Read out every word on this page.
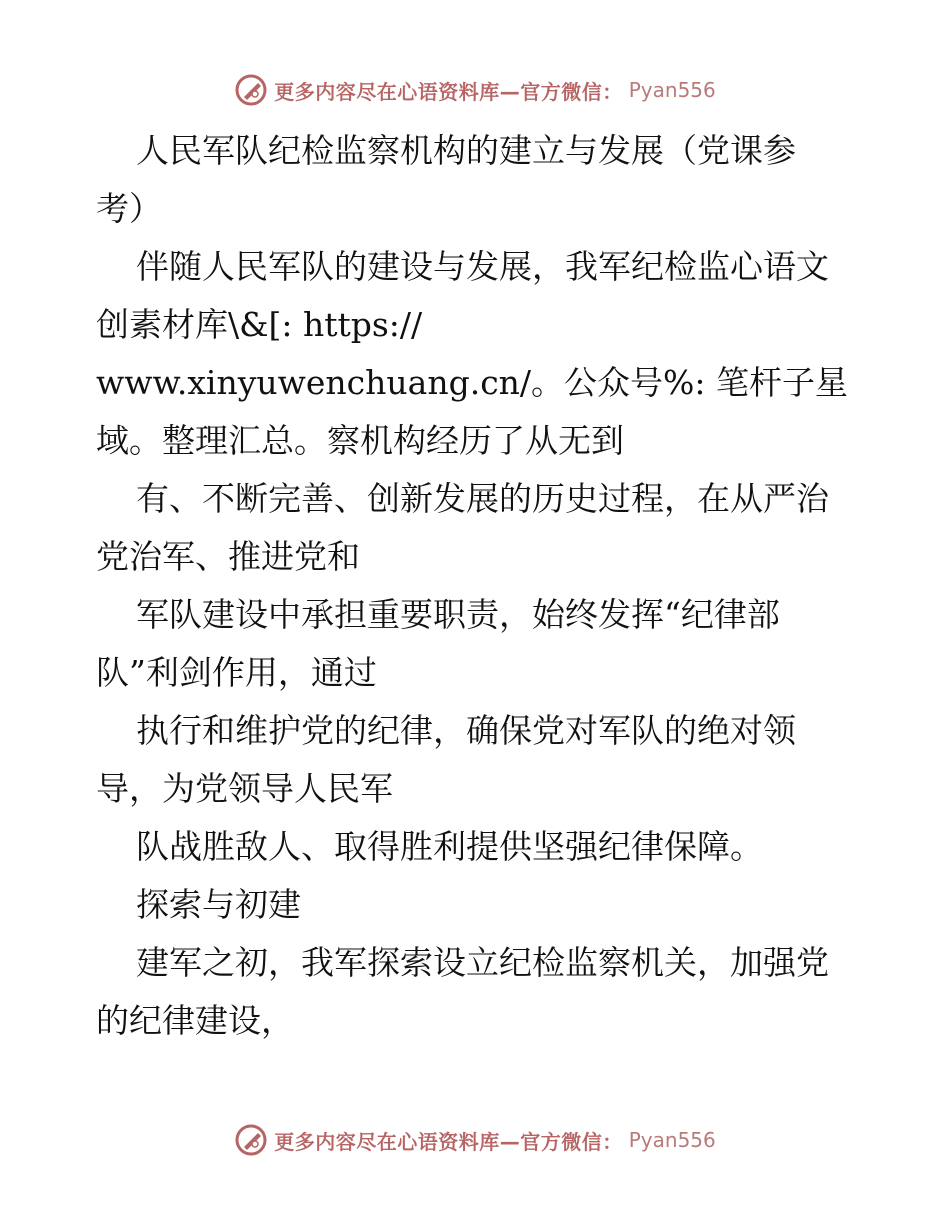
更多内容尽在心语资料库—官方微信： Pyan556
人民军队纪检监察机构的建立与发展（党课参
考）
伴随人民军队的建设与发展，我军纪检监心语文
创素材库\&[: https://
www.xinyuwenchuang.cn/。公众号%: 笔杆子星
域。整理汇总。察机构经历了从无到
有、不断完善、创新发展的历史过程，在从严治
党治军、推进党和
军队建设中承担重要职责，始终发挥“纪律部
队”利剑作用，通过
执行和维护党的纪律，确保党对军队的绝对领
导，为党领导人民军
队战胜敌人、取得胜利提供坚强纪律保障。
探索与初建
建军之初，我军探索设立纪检监察机关，加强党
的纪律建设，
更多内容尽在心语资料库—官方微信： Pyan556
